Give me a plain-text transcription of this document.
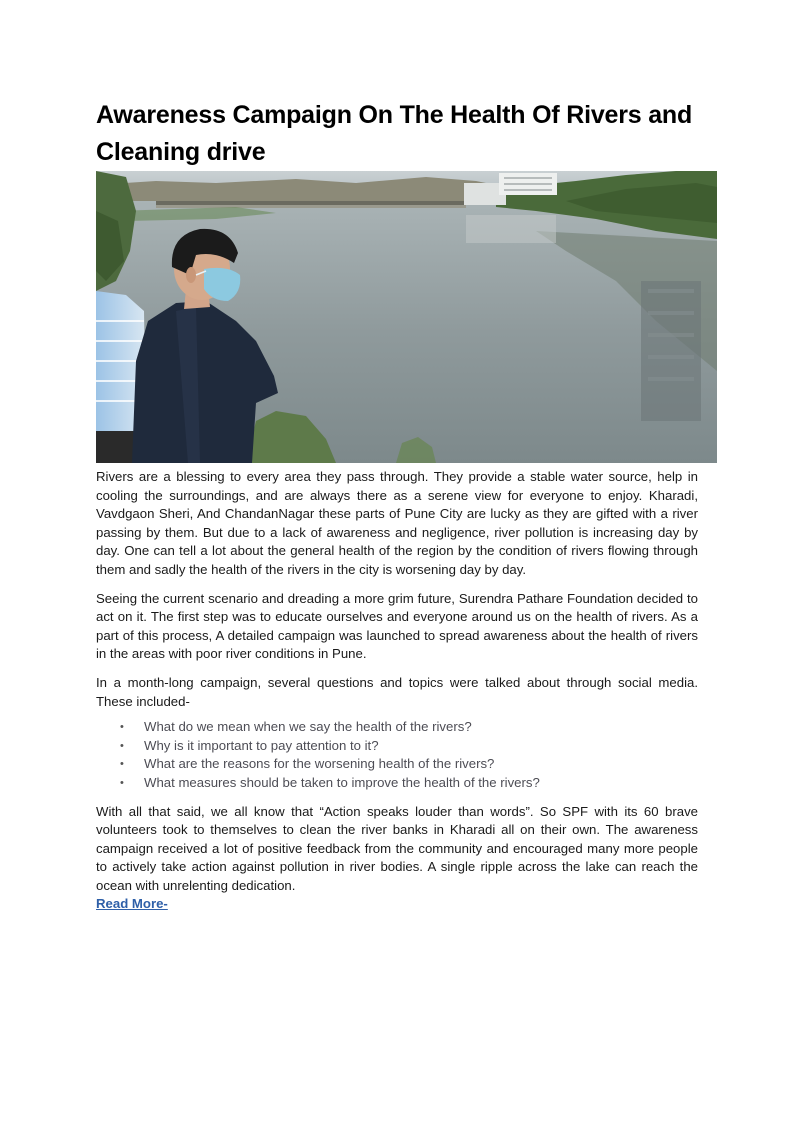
Awareness Campaign On The Health Of Rivers and Cleaning drive

Rivers are a blessing to every area they pass through. They provide a stable water source, help in cooling the surroundings, and are always there as a serene view for everyone to enjoy. Kharadi, Vavdgaon Sheri, And ChandanNagar these parts of Pune City are lucky as they are gifted with a river passing by them. But due to a lack of awareness and negligence, river pollution is increasing day by day. One can tell a lot about the general health of the region by the condition of rivers flowing through them and sadly the health of the rivers in the city is worsening day by day.

Seeing the current scenario and dreading a more grim future, Surendra Pathare Foundation decided to act on it. The first step was to educate ourselves and everyone around us on the health of rivers. As a part of this process, A detailed campaign was launched to spread awareness about the health of rivers in the areas with poor river conditions in Pune.

In a month-long campaign, several questions and topics were talked about through social media. These included-

• What do we mean when we say the health of the rivers?
• Why is it important to pay attention to it?
• What are the reasons for the worsening health of the rivers?
• What measures should be taken to improve the health of the rivers?

With all that said, we all know that “Action speaks louder than words”. So SPF with its 60 brave volunteers took to themselves to clean the river banks in Kharadi all on their own. The awareness campaign received a lot of positive feedback from the community and encouraged many more people to actively take action against pollution in river bodies. A single ripple across the lake can reach the ocean with unrelenting dedication.

Read More-
